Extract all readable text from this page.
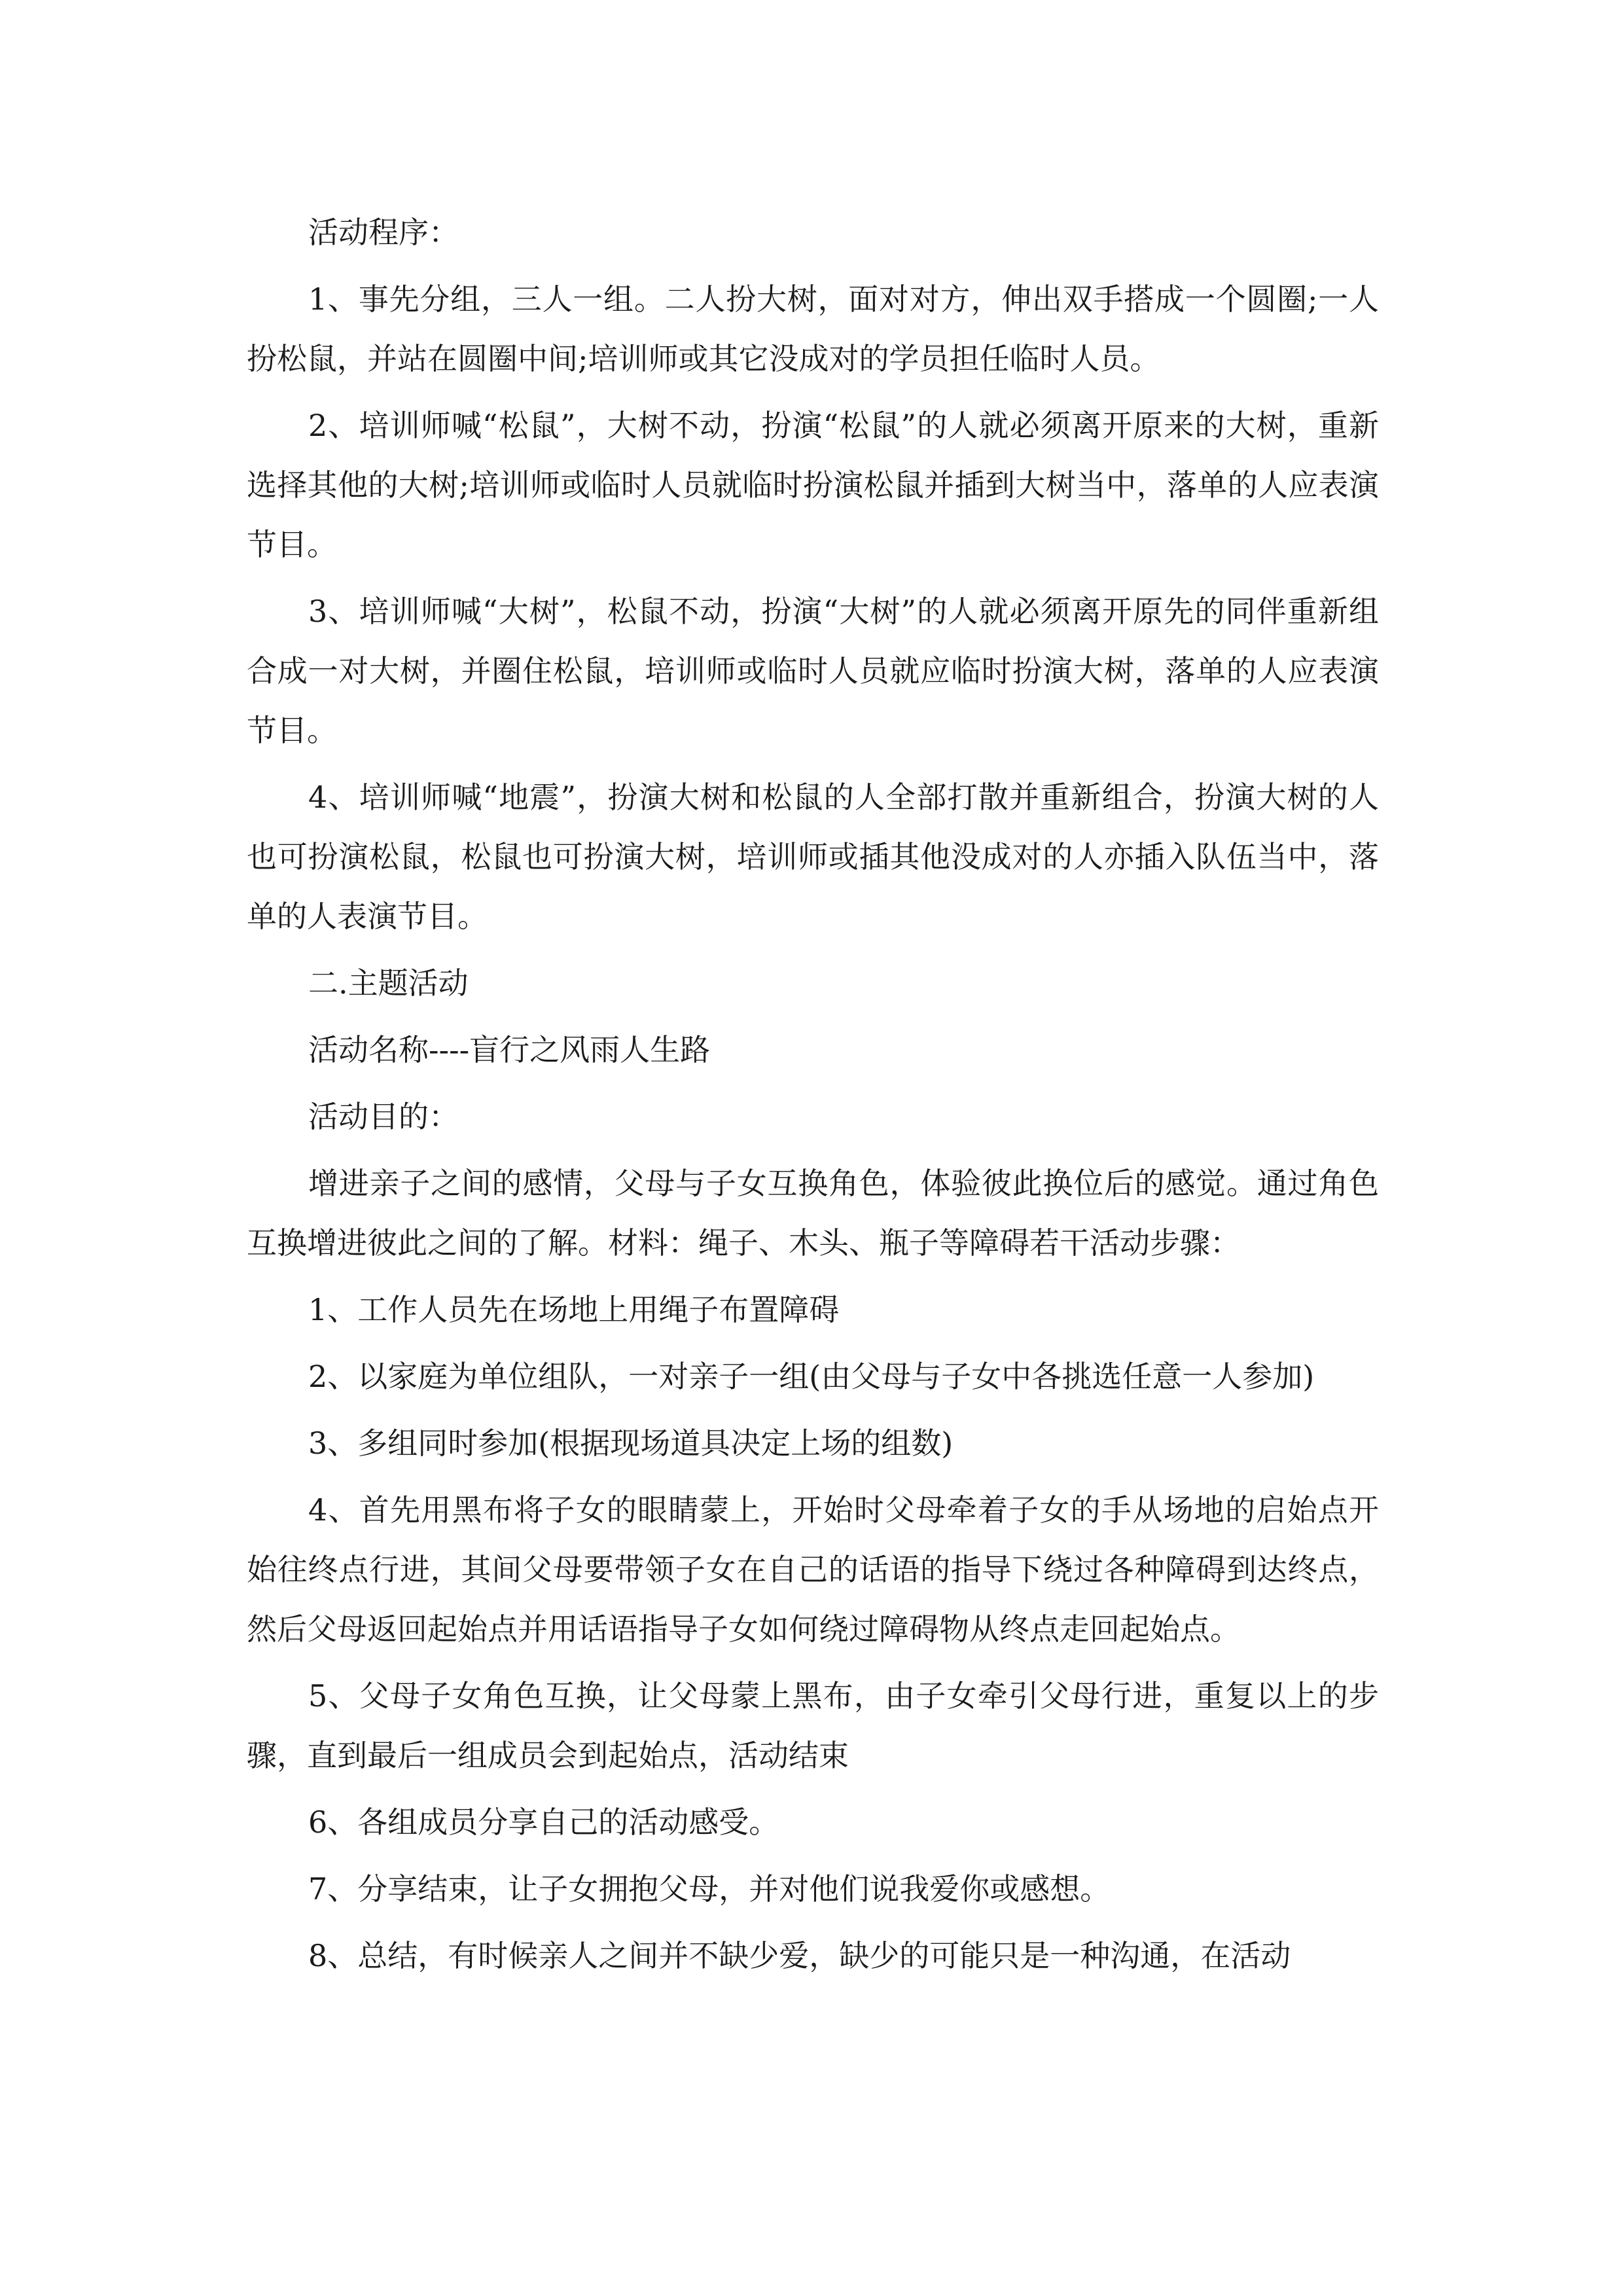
活动程序：

1、事先分组，三人一组。二人扮大树，面对对方，伸出双手搭成一个圆圈;一人扮松鼠，并站在圆圈中间;培训师或其它没成对的学员担任临时人员。

2、培训师喊“松鼠”，大树不动，扮演“松鼠”的人就必须离开原来的大树，重新选择其他的大树;培训师或临时人员就临时扮演松鼠并插到大树当中，落单的人应表演节目。

3、培训师喊“大树”，松鼠不动，扮演“大树”的人就必须离开原先的同伴重新组合成一对大树，并圈住松鼠，培训师或临时人员就应临时扮演大树，落单的人应表演节目。

4、培训师喊“地震”，扮演大树和松鼠的人全部打散并重新组合，扮演大树的人也可扮演松鼠，松鼠也可扮演大树，培训师或插其他没成对的人亦插入队伍当中，落单的人表演节目。

二.主题活动

活动名称----盲行之风雨人生路

活动目的：

增进亲子之间的感情，父母与子女互换角色，体验彼此换位后的感觉。通过角色互换增进彼此之间的了解。材料：绳子、木头、瓶子等障碍若干活动步骤：

1、工作人员先在场地上用绳子布置障碍

2、以家庭为单位组队，一对亲子一组(由父母与子女中各挑选任意一人参加)

3、多组同时参加(根据现场道具决定上场的组数)

4、首先用黑布将子女的眼睛蒙上，开始时父母牵着子女的手从场地的启始点开始往终点行进，其间父母要带领子女在自己的话语的指导下绕过各种障碍到达终点，然后父母返回起始点并用话语指导子女如何绕过障碍物从终点走回起始点。

5、父母子女角色互换，让父母蒙上黑布，由子女牵引父母行进，重复以上的步骤，直到最后一组成员会到起始点，活动结束

6、各组成员分享自己的活动感受。

7、分享结束，让子女拥抱父母，并对他们说我爱你或感想。

8、总结，有时候亲人之间并不缺少爱，缺少的可能只是一种沟通，在活动
